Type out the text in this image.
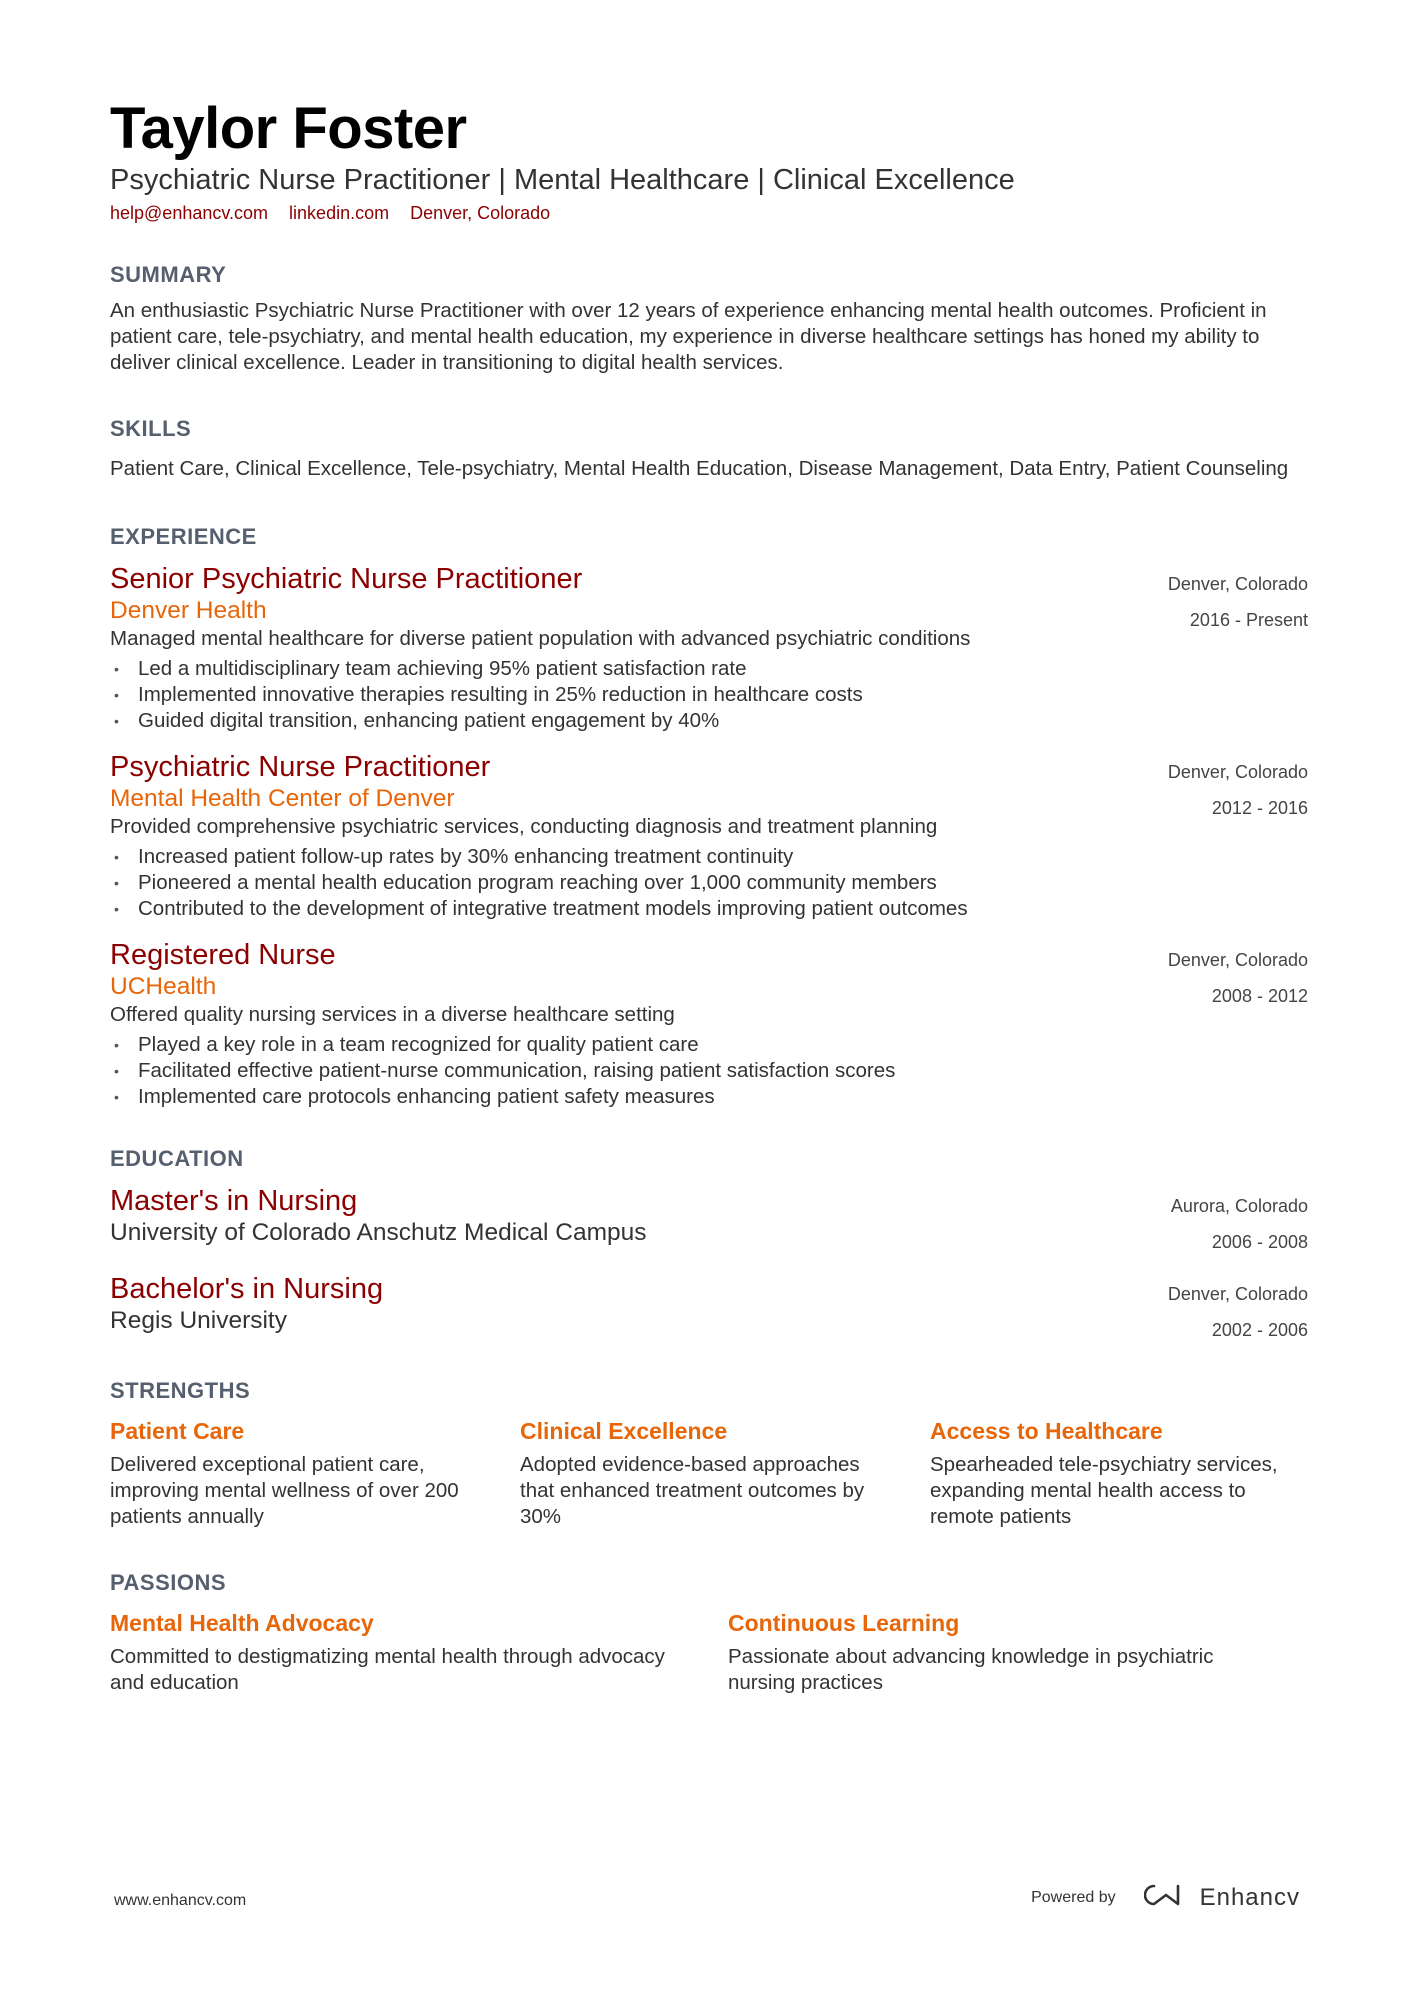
Taylor Foster
Psychiatric Nurse Practitioner | Mental Healthcare | Clinical Excellence
help@enhancv.com linkedin.com Denver, Colorado
SUMMARY
An enthusiastic Psychiatric Nurse Practitioner with over 12 years of experience enhancing mental health outcomes. Proficient in patient care, tele-psychiatry, and mental health education, my experience in diverse healthcare settings has honed my ability to deliver clinical excellence. Leader in transitioning to digital health services.
SKILLS
Patient Care, Clinical Excellence, Tele-psychiatry, Mental Health Education, Disease Management, Data Entry, Patient Counseling
EXPERIENCE
Senior Psychiatric Nurse Practitioner
Denver Health
Denver, Colorado
2016 - Present
Managed mental healthcare for diverse patient population with advanced psychiatric conditions
• Led a multidisciplinary team achieving 95% patient satisfaction rate
• Implemented innovative therapies resulting in 25% reduction in healthcare costs
• Guided digital transition, enhancing patient engagement by 40%
Psychiatric Nurse Practitioner
Mental Health Center of Denver
Denver, Colorado
2012 - 2016
Provided comprehensive psychiatric services, conducting diagnosis and treatment planning
• Increased patient follow-up rates by 30% enhancing treatment continuity
• Pioneered a mental health education program reaching over 1,000 community members
• Contributed to the development of integrative treatment models improving patient outcomes
Registered Nurse
UCHealth
Denver, Colorado
2008 - 2012
Offered quality nursing services in a diverse healthcare setting
• Played a key role in a team recognized for quality patient care
• Facilitated effective patient-nurse communication, raising patient satisfaction scores
• Implemented care protocols enhancing patient safety measures
EDUCATION
Master's in Nursing
University of Colorado Anschutz Medical Campus
Aurora, Colorado
2006 - 2008
Bachelor's in Nursing
Regis University
Denver, Colorado
2002 - 2006
STRENGTHS
Patient Care
Delivered exceptional patient care, improving mental wellness of over 200 patients annually
Clinical Excellence
Adopted evidence-based approaches that enhanced treatment outcomes by 30%
Access to Healthcare
Spearheaded tele-psychiatry services, expanding mental health access to remote patients
PASSIONS
Mental Health Advocacy
Committed to destigmatizing mental health through advocacy and education
Continuous Learning
Passionate about advancing knowledge in psychiatric nursing practices
www.enhancv.com	Powered by	Enhancv
